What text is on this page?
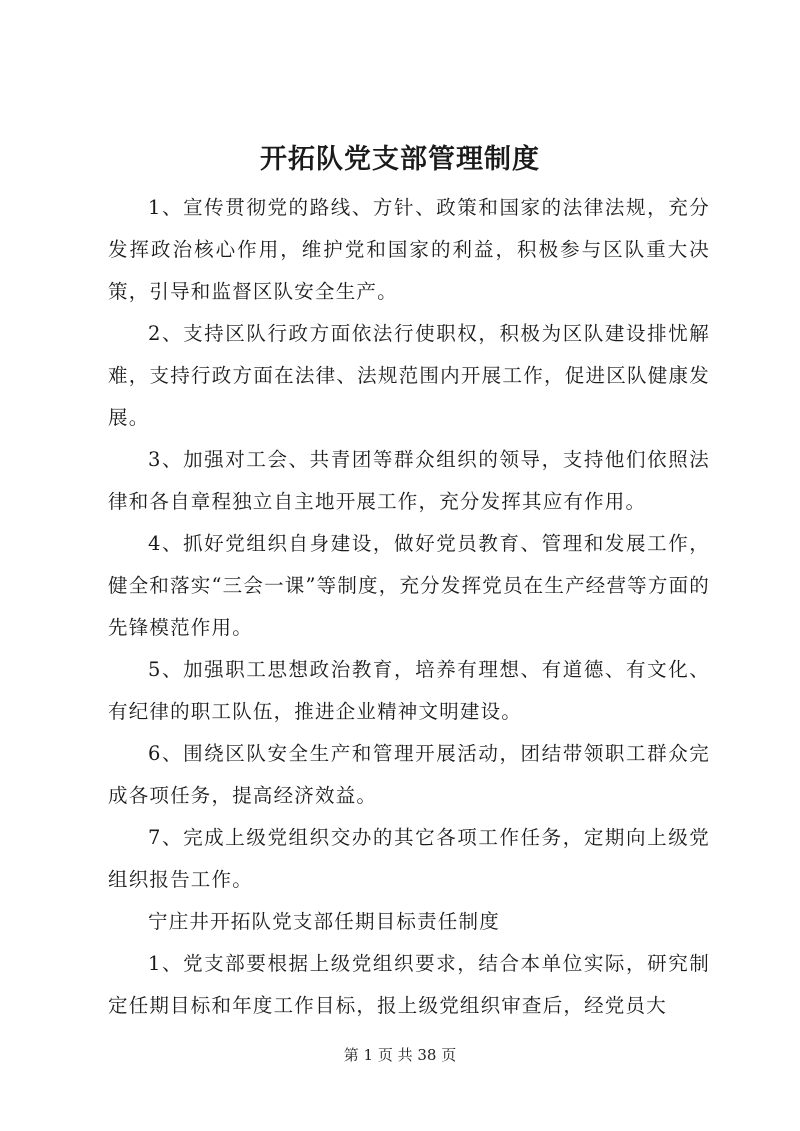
开拓队党支部管理制度

1、宣传贯彻党的路线、方针、政策和国家的法律法规，充分发挥政治核心作用，维护党和国家的利益，积极参与区队重大决策，引导和监督区队安全生产。

2、支持区队行政方面依法行使职权，积极为区队建设排忧解难，支持行政方面在法律、法规范围内开展工作，促进区队健康发展。

3、加强对工会、共青团等群众组织的领导，支持他们依照法律和各自章程独立自主地开展工作，充分发挥其应有作用。

4、抓好党组织自身建设，做好党员教育、管理和发展工作，健全和落实“三会一课”等制度，充分发挥党员在生产经营等方面的先锋模范作用。

5、加强职工思想政治教育，培养有理想、有道德、有文化、有纪律的职工队伍，推进企业精神文明建设。

6、围绕区队安全生产和管理开展活动，团结带领职工群众完成各项任务，提高经济效益。

7、完成上级党组织交办的其它各项工作任务，定期向上级党组织报告工作。

宁庄井开拓队党支部任期目标责任制度

1、党支部要根据上级党组织要求，结合本单位实际，研究制定任期目标和年度工作目标，报上级党组织审查后，经党员大

第 1 页 共 38 页
